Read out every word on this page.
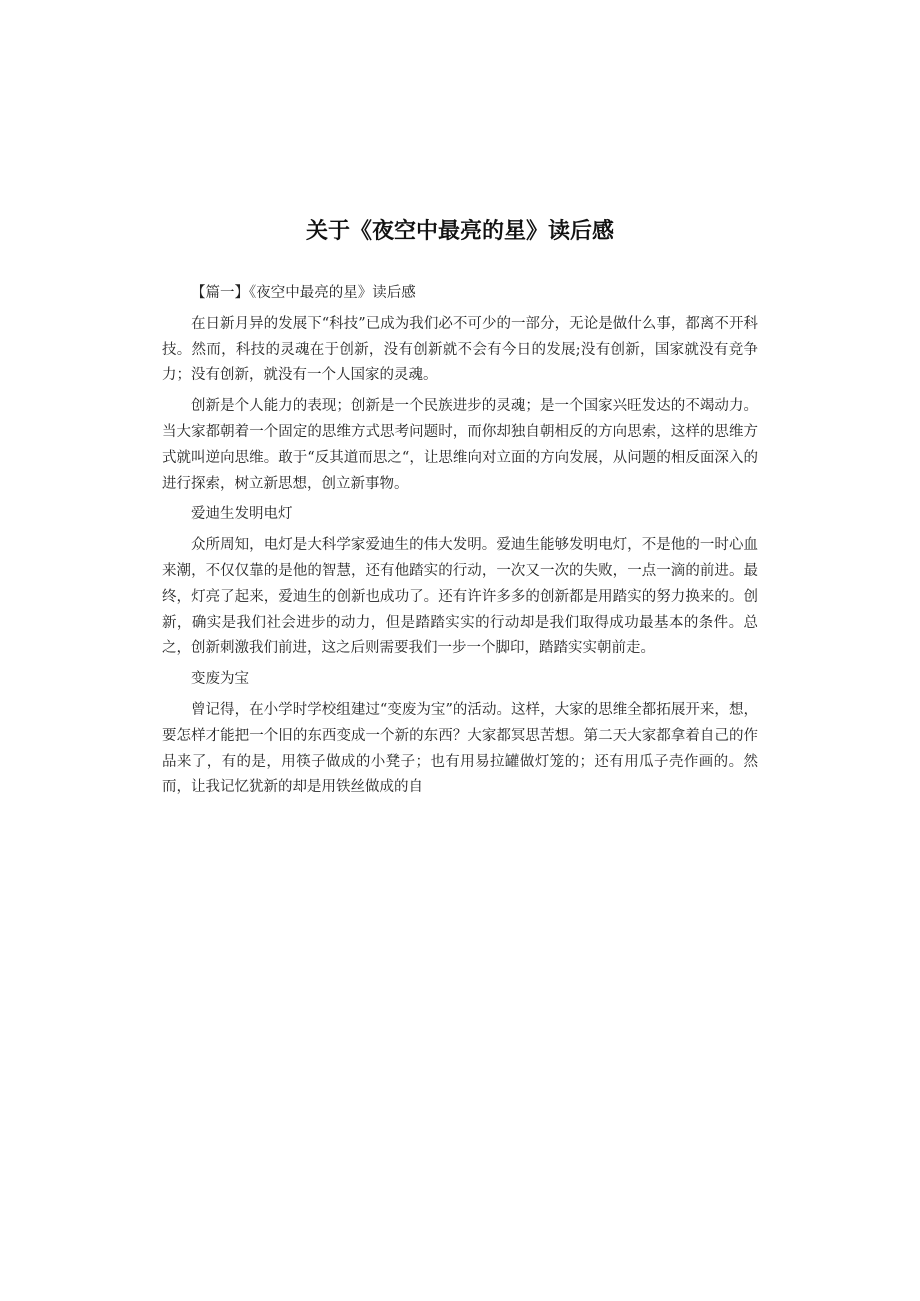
关于《夜空中最亮的星》读后感

【篇一】《夜空中最亮的星》读后感

在日新月异的发展下“科技”已成为我们必不可少的一部分，无论是做什么事，都离不开科技。然而，科技的灵魂在于创新，没有创新就不会有今日的发展;没有创新，国家就没有竞争力；没有创新，就没有一个人国家的灵魂。

创新是个人能力的表现；创新是一个民族进步的灵魂；是一个国家兴旺发达的不竭动力。当大家都朝着一个固定的思维方式思考问题时，而你却独自朝相反的方向思索，这样的思维方式就叫逆向思维。敢于“反其道而思之“，让思维向对立面的方向发展，从问题的相反面深入的进行探索，树立新思想，创立新事物。

爱迪生发明电灯

众所周知，电灯是大科学家爱迪生的伟大发明。爱迪生能够发明电灯，不是他的一时心血来潮，不仅仅靠的是他的智慧，还有他踏实的行动，一次又一次的失败，一点一滴的前进。最终，灯亮了起来，爱迪生的创新也成功了。还有许许多多的创新都是用踏实的努力换来的。创新，确实是我们社会进步的动力，但是踏踏实实的行动却是我们取得成功最基本的条件。总之，创新刺激我们前进，这之后则需要我们一步一个脚印，踏踏实实朝前走。

变废为宝

曾记得，在小学时学校组建过“变废为宝”的活动。这样，大家的思维全都拓展开来，想，要怎样才能把一个旧的东西变成一个新的东西？大家都冥思苦想。第二天大家都拿着自己的作品来了，有的是，用筷子做成的小凳子；也有用易拉罐做灯笼的；还有用瓜子壳作画的。然而，让我记忆犹新的却是用铁丝做成的自
